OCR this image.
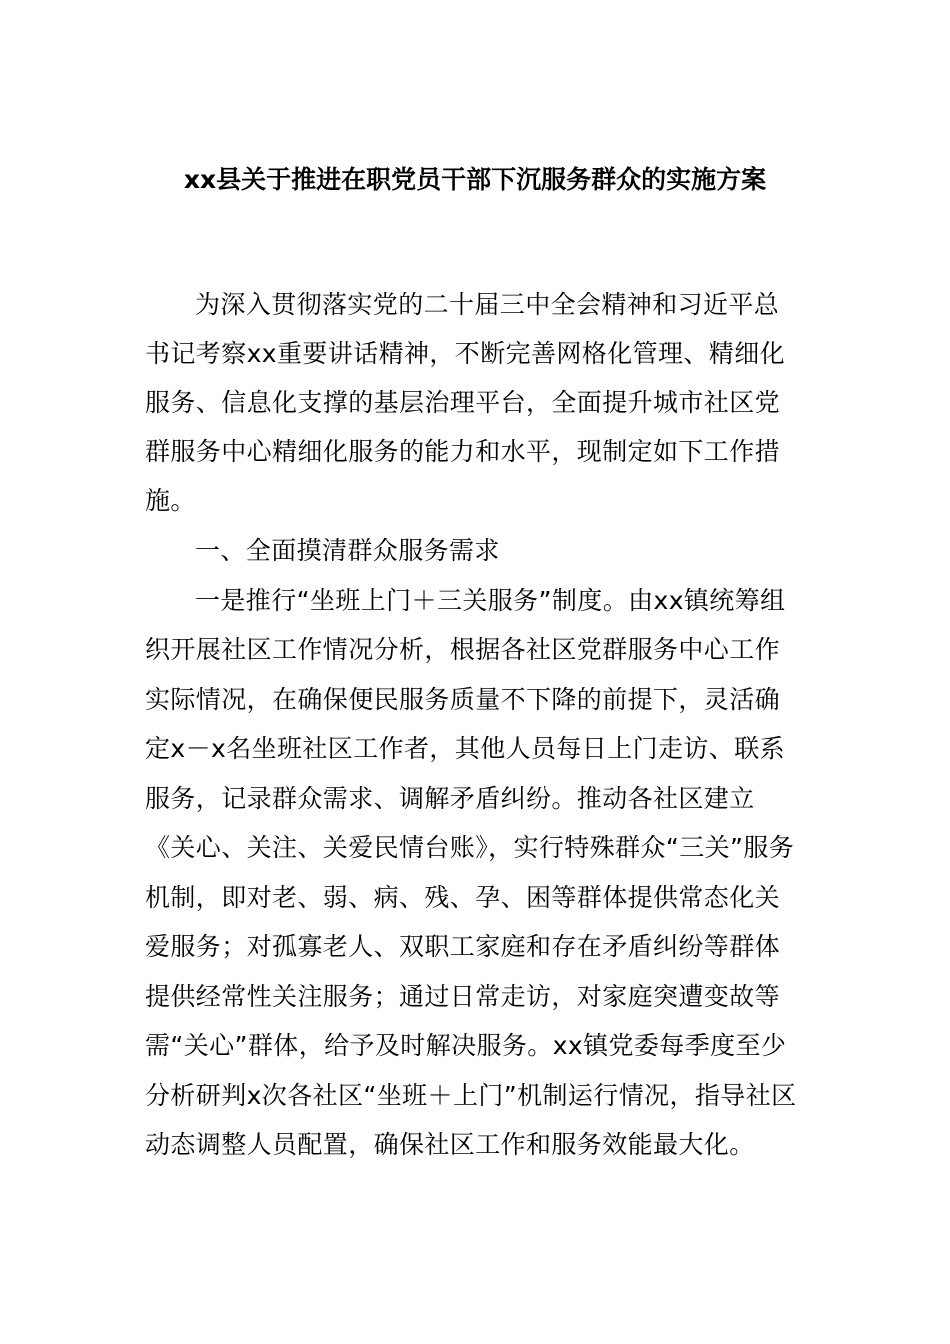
xx县关于推进在职党员干部下沉服务群众的实施方案
为深入贯彻落实党的二十届三中全会精神和习近平总
书记考察xx重要讲话精神，不断完善网格化管理、精细化
服务、信息化支撑的基层治理平台，全面提升城市社区党
群服务中心精细化服务的能力和水平，现制定如下工作措
施。
一、全面摸清群众服务需求
一是推行“坐班上门＋三关服务”制度。由xx镇统筹组
织开展社区工作情况分析，根据各社区党群服务中心工作
实际情况，在确保便民服务质量不下降的前提下，灵活确
定x－x名坐班社区工作者，其他人员每日上门走访、联系
服务，记录群众需求、调解矛盾纠纷。推动各社区建立
《关心、关注、关爱民情台账》，实行特殊群众“三关”服务
机制，即对老、弱、病、残、孕、困等群体提供常态化关
爱服务；对孤寡老人、双职工家庭和存在矛盾纠纷等群体
提供经常性关注服务；通过日常走访，对家庭突遭变故等
需“关心”群体，给予及时解决服务。xx镇党委每季度至少
分析研判x次各社区“坐班＋上门”机制运行情况，指导社区
动态调整人员配置，确保社区工作和服务效能最大化。
